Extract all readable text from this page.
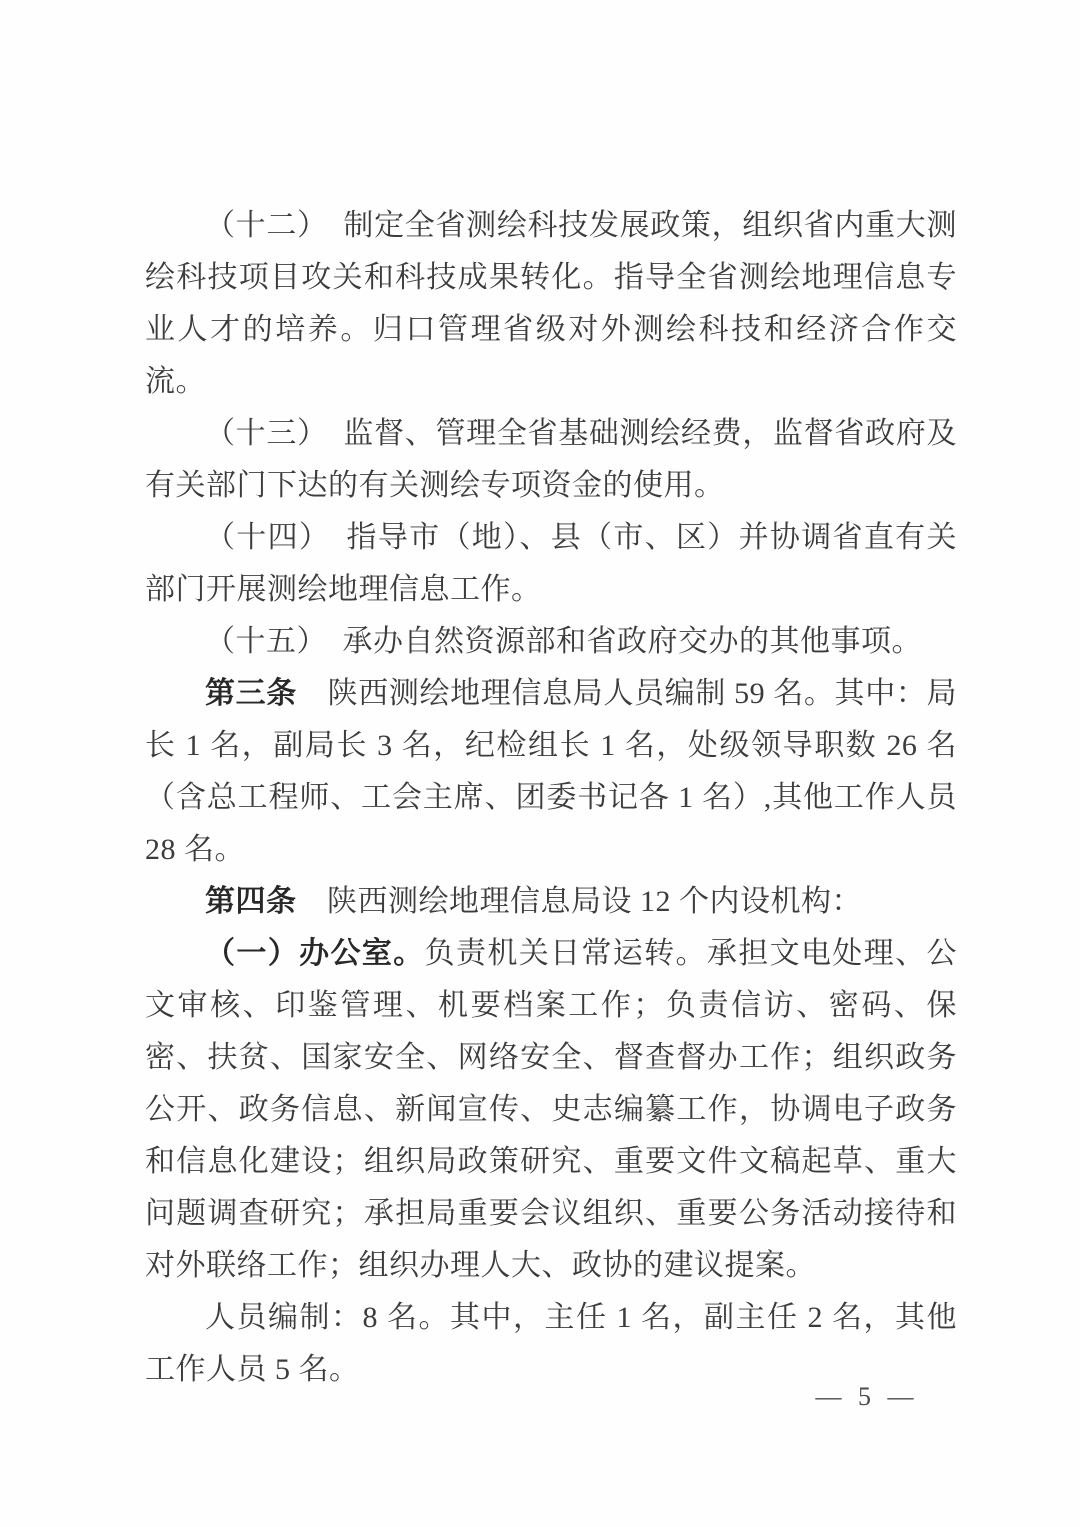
（十二）　制定全省测绘科技发展政策，组织省内重大测绘科技项目攻关和科技成果转化。指导全省测绘地理信息专业人才的培养。归口管理省级对外测绘科技和经济合作交流。

（十三）　监督、管理全省基础测绘经费，监督省政府及有关部门下达的有关测绘专项资金的使用。

（十四）　指导市（地）、县（市、区）并协调省直有关部门开展测绘地理信息工作。

（十五）　承办自然资源部和省政府交办的其他事项。

第三条　陕西测绘地理信息局人员编制 59 名。其中：局长 1 名，副局长 3 名，纪检组长 1 名，处级领导职数 26 名（含总工程师、工会主席、团委书记各 1 名）,其他工作人员 28 名。

第四条　陕西测绘地理信息局设 12 个内设机构：

（一）办公室。负责机关日常运转。承担文电处理、公文审核、印鉴管理、机要档案工作；负责信访、密码、保密、扶贫、国家安全、网络安全、督查督办工作；组织政务公开、政务信息、新闻宣传、史志编纂工作，协调电子政务和信息化建设；组织局政策研究、重要文件文稿起草、重大问题调查研究；承担局重要会议组织、重要公务活动接待和对外联络工作；组织办理人大、政协的建议提案。

人员编制：8 名。其中，主任 1 名，副主任 2 名，其他工作人员 5 名。

— 5 —
